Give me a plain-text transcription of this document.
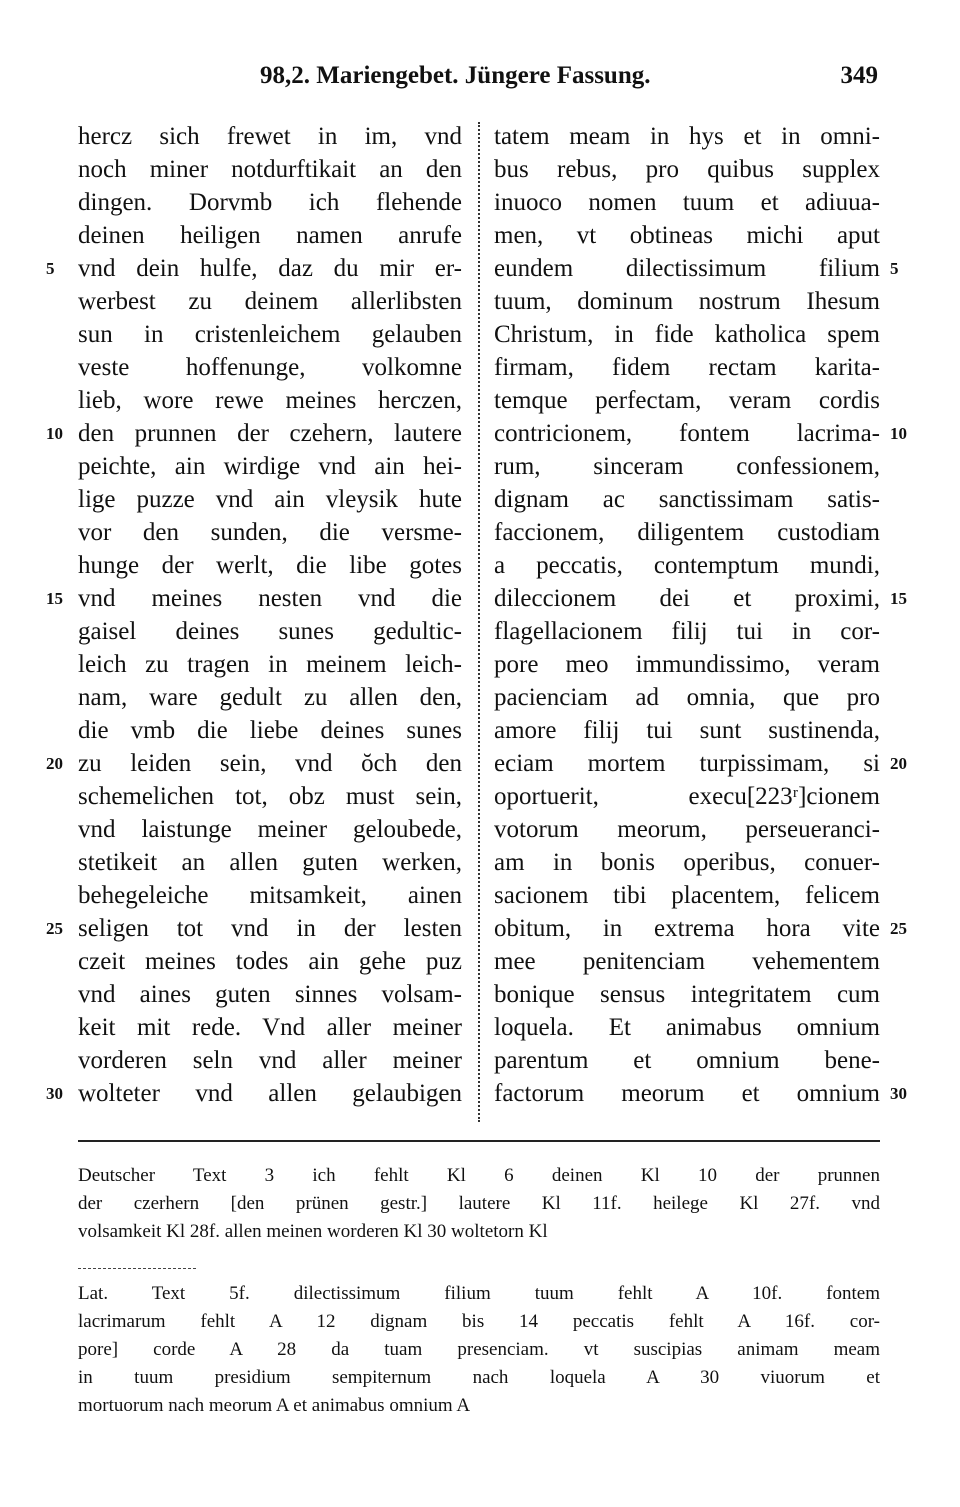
98,2. Mariengebet. Jüngere Fassung.	349
hercz sich frewet in im, vnd
noch miner notdurftikait an den
dingen. Dorvmb ich flehende
deinen heiligen namen anrufe
vnd dein hulfe, daz du mir er-
werbest zu deinem allerlibsten
sun in cristenleichem gelauben
veste hoffenunge, volkomne
lieb, wore rewe meines herczen,
den prunnen der czehern, lautere
peichte, ain wirdige vnd ain hei-
lige puzze vnd ain vleysik hute
vor den sunden, die versme-
hunge der werlt, die libe gotes
vnd meines nesten vnd die
gaisel deines sunes gedultic-
leich zu tragen in meinem leich-
nam, ware gedult zu allen den,
die vmb die liebe deines sunes
zu leiden sein, vnd ŏch den
schemelichen tot, obz must sein,
vnd laistunge meiner geloubede,
stetikeit an allen guten werken,
behegeleiche mitsamkeit, ainen
seligen tot vnd in der lesten
czeit meines todes ain gehe puz
vnd aines guten sinnes volsam-
keit mit rede. Vnd aller meiner
vorderen seln vnd aller meiner
wolteter vnd allen gelaubigen
tatem meam in hys et in omni-
bus rebus, pro quibus supplex
inuoco nomen tuum et adiuua-
men, vt obtineas michi aput
eundem dilectissimum filium
tuum, dominum nostrum Ihesum
Christum, in fide katholica spem
firmam, fidem rectam karita-
temque perfectam, veram cordis
contricionem, fontem lacrima-
rum, sinceram confessionem,
dignam ac sanctissimam satis-
faccionem, diligentem custodiam
a peccatis, contemptum mundi,
dileccionem dei et proximi,
flagellacionem filij tui in cor-
pore meo immundissimo, veram
pacienciam ad omnia, que pro
amore filij tui sunt sustinenda,
eciam mortem turpissimam, si
oportuerit, execu[223ʳ]cionem
votorum meorum, perseueranci-
am in bonis operibus, conuer-
sacionem tibi placentem, felicem
obitum, in extrema hora vite
mee penitenciam vehementem
bonique sensus integritatem cum
loquela. Et animabus omnium
parentum et omnium bene-
factorum meorum et omnium
5
10
15
20
25
30
5
10
15
20
25
30
Deutscher Text 3 ich fehlt Kl 6 deinen Kl 10 der prunnen
der czerhern [den prünen gestr.] lautere Kl 11f. heilege Kl 27f. vnd
volsamkeit Kl 28f. allen meinen worderen Kl 30 woltetorn Kl
Lat. Text 5f. dilectissimum filium tuum fehlt A 10f. fontem
lacrimarum fehlt A 12 dignam bis 14 peccatis fehlt A 16f. cor-
pore] corde A 28 da tuam presenciam. vt suscipias animam meam
in tuum presidium sempiternum nach loquela A 30 viuorum et
mortuorum nach meorum A et animabus omnium A
